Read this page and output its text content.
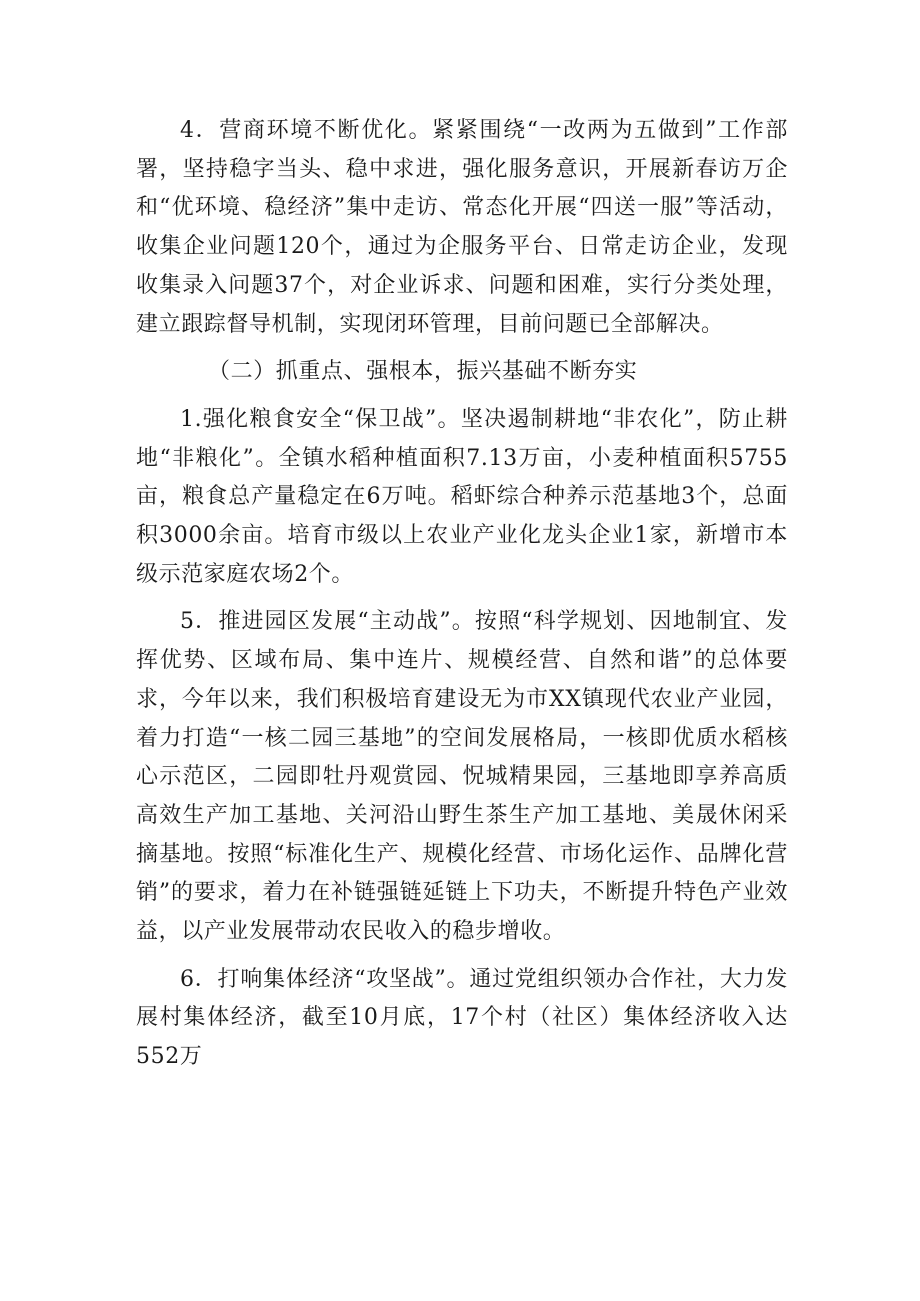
4．营商环境不断优化。紧紧围绕“一改两为五做到”工作部署，坚持稳字当头、稳中求进，强化服务意识，开展新春访万企和“优环境、稳经济”集中走访、常态化开展“四送一服”等活动，收集企业问题120个，通过为企服务平台、日常走访企业，发现收集录入问题37个，对企业诉求、问题和困难，实行分类处理，建立跟踪督导机制，实现闭环管理，目前问题已全部解决。

（二）抓重点、强根本，振兴基础不断夯实

1.强化粮食安全“保卫战”。坚决遏制耕地“非农化”，防止耕地“非粮化”。全镇水稻种植面积7.13万亩，小麦种植面积5755亩，粮食总产量稳定在6万吨。稻虾综合种养示范基地3个，总面积3000余亩。培育市级以上农业产业化龙头企业1家，新增市本级示范家庭农场2个。

5．推进园区发展“主动战”。按照“科学规划、因地制宜、发挥优势、区域布局、集中连片、规模经营、自然和谐”的总体要求，今年以来，我们积极培育建设无为市XX镇现代农业产业园，着力打造“一核二园三基地”的空间发展格局，一核即优质水稻核心示范区，二园即牡丹观赏园、怳城精果园，三基地即享养高质高效生产加工基地、关河沿山野生茶生产加工基地、美晟休闲采摘基地。按照“标准化生产、规模化经营、市场化运作、品牌化营销”的要求，着力在补链强链延链上下功夫，不断提升特色产业效益，以产业发展带动农民收入的稳步增收。

6．打响集体经济“攻坚战”。通过党组织领办合作社，大力发展村集体经济，截至10月底，17个村（社区）集体经济收入达552万
